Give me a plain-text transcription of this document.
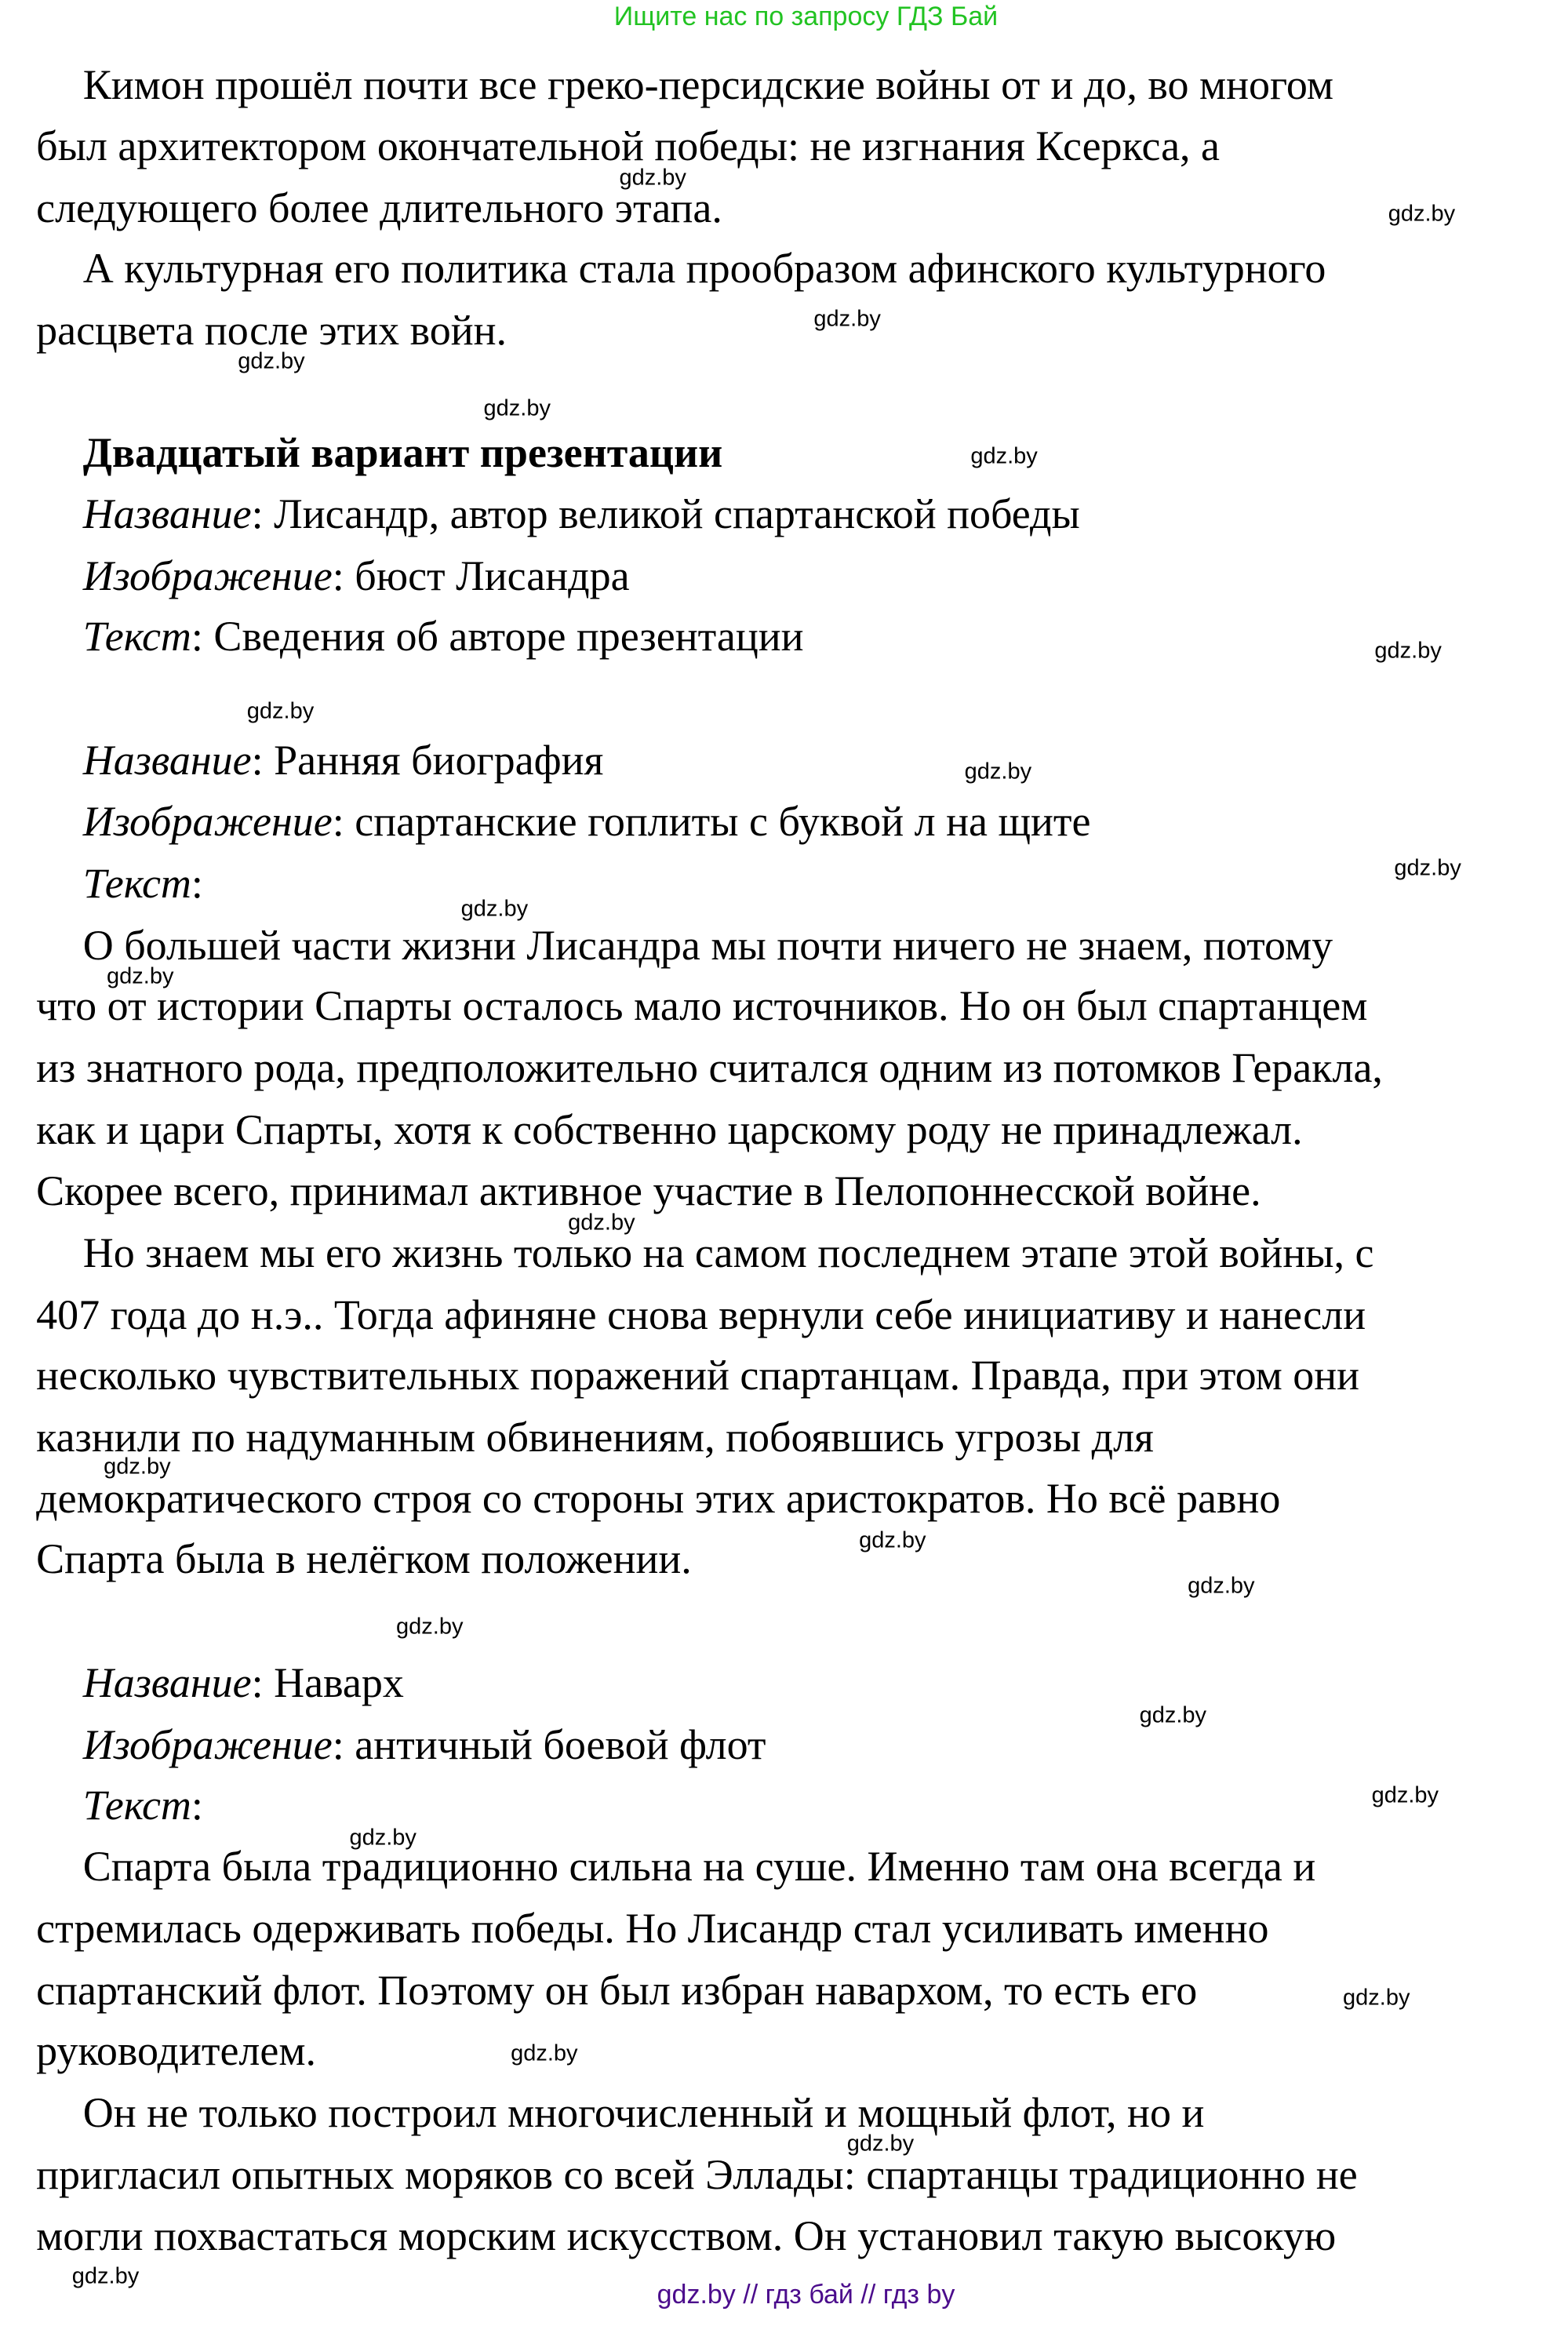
Ищите нас по запросу ГДЗ Бай
Кимон прошёл почти все греко-персидские войны от и до, во многом
был архитектором окончательной победы: не изгнания Ксеркса, а
следующего более длительного этапа.
А культурная его политика стала прообразом афинского культурного
расцвета после этих войн.
Двадцатый вариант презентации
Название: Лисандр, автор великой спартанской победы
Изображение: бюст Лисандра
Текст: Сведения об авторе презентации
Название: Ранняя биография
Изображение: спартанские гоплиты с буквой л на щите
Текст:
О большей части жизни Лисандра мы почти ничего не знаем, потому
что от истории Спарты осталось мало источников. Но он был спартанцем
из знатного рода, предположительно считался одним из потомков Геракла,
как и цари Спарты, хотя к собственно царскому роду не принадлежал.
Скорее всего, принимал активное участие в Пелопоннесской войне.
Но знаем мы его жизнь только на самом последнем этапе этой войны, с
407 года до н.э.. Тогда афиняне снова вернули себе инициативу и нанесли
несколько чувствительных поражений спартанцам. Правда, при этом они
казнили по надуманным обвинениям, побоявшись угрозы для
демократического строя со стороны этих аристократов. Но всё равно
Спарта была в нелёгком положении.
Название: Наварх
Изображение: античный боевой флот
Текст:
Спарта была традиционно сильна на суше. Именно там она всегда и
стремилась одерживать победы. Но Лисандр стал усиливать именно
спартанский флот. Поэтому он был избран навархом, то есть его
руководителем.
Он не только построил многочисленный и мощный флот, но и
пригласил опытных моряков со всей Эллады: спартанцы традиционно не
могли похвастаться морским искусством. Он установил такую высокую
gdz.by
gdz.by
gdz.by
gdz.by
gdz.by
gdz.by
gdz.by
gdz.by
gdz.by
gdz.by
gdz.by
gdz.by
gdz.by
gdz.by
gdz.by
gdz.by
gdz.by
gdz.by
gdz.by
gdz.by
gdz.by
gdz.by
gdz.by
gdz.by
gdz.by // гдз бай // гдз by
